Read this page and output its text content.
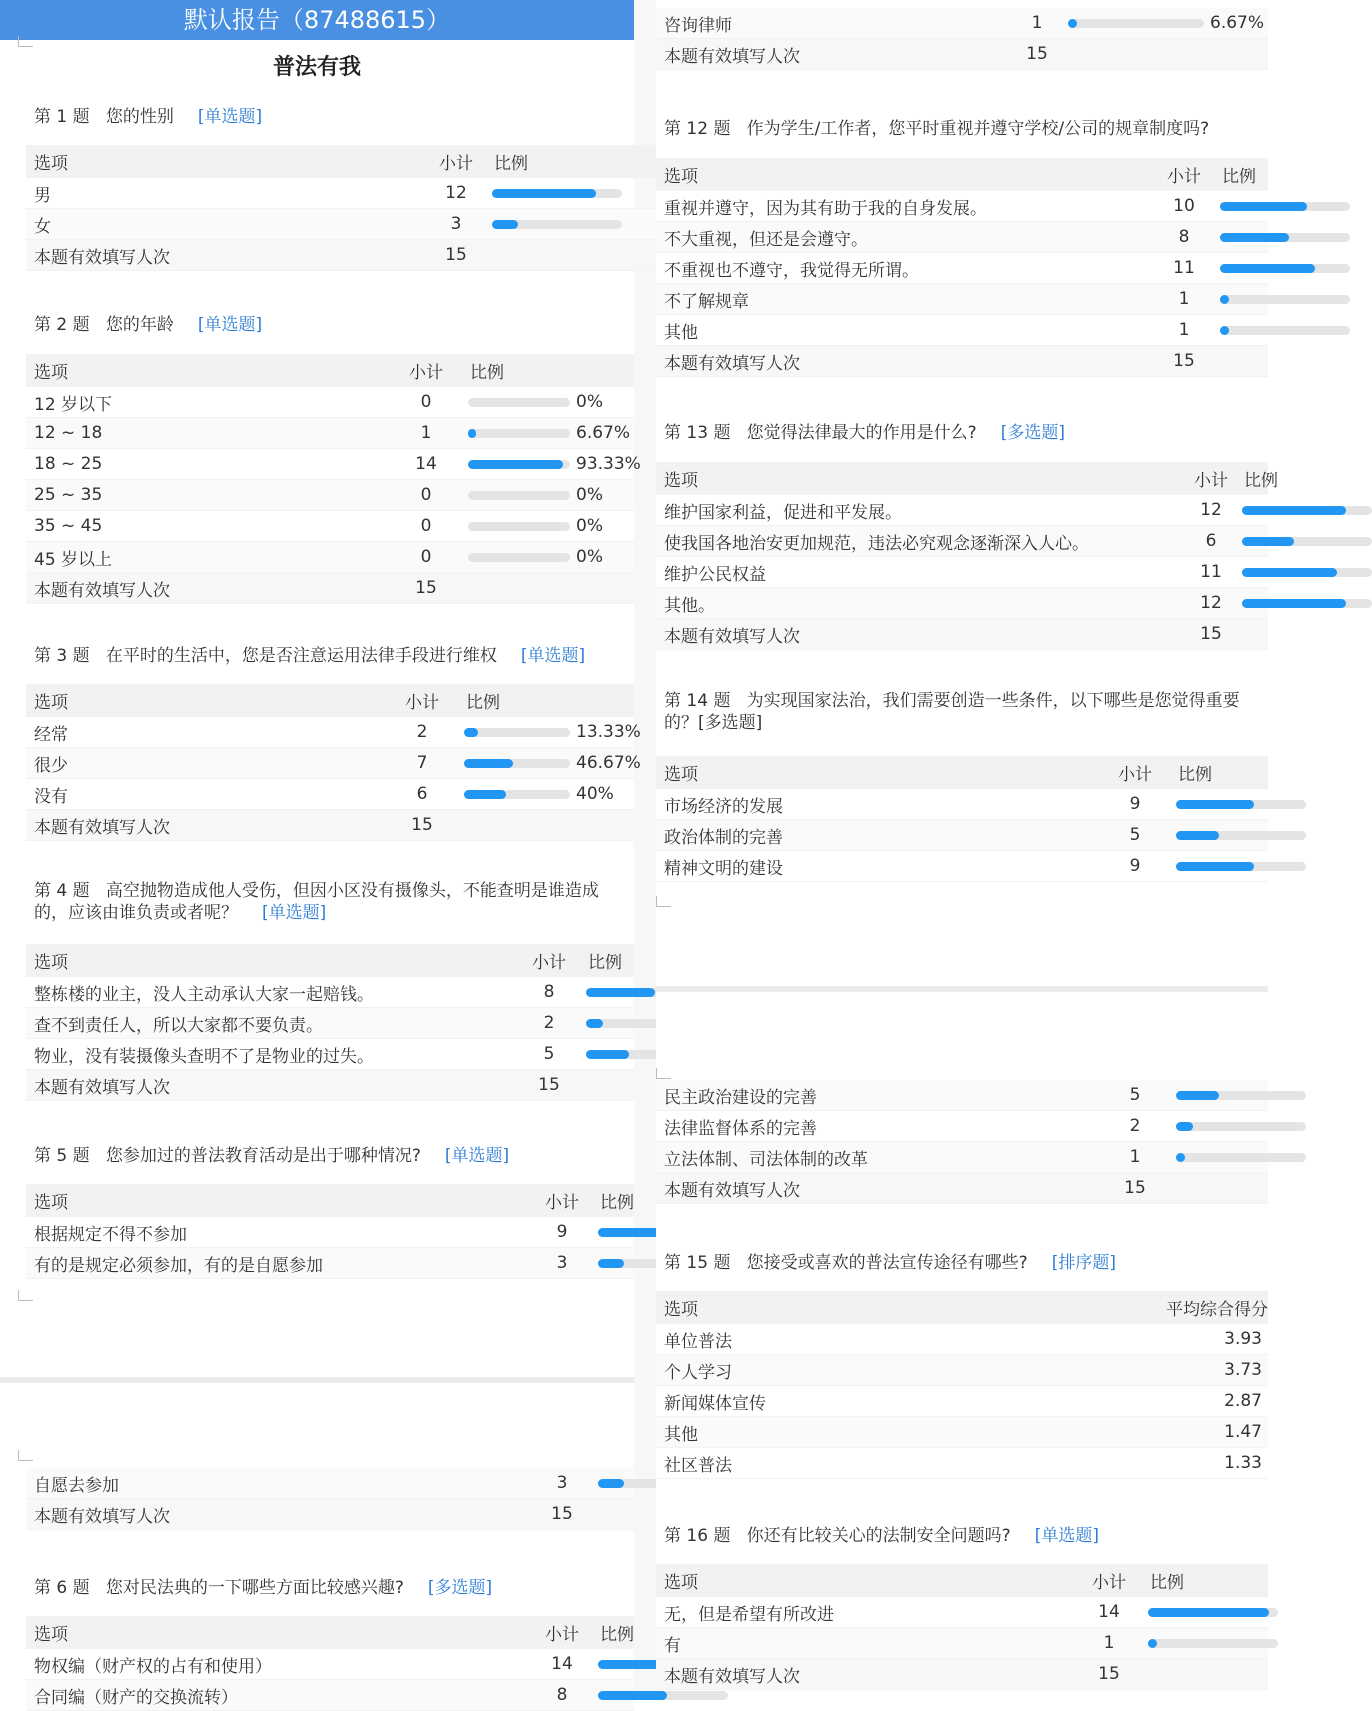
默认报告（87488615）
普法有我
第 1 题 您的性别 [单选题]
选项	小计	比例
男	12	

女	3	

本题有效填写人次	15	
第 2 题 您的年龄 [单选题]
选项	小计	比例
12 岁以下	0	0%
12 ~ 18	1	6.67%
18 ~ 25	14	93.33%
25 ~ 35	0	0%
35 ~ 45	0	0%
45 岁以上	0	0%
本题有效填写人次	15	
第 3 题 在平时的生活中，您是否注意运用法律手段进行维权 [单选题]
选项	小计	比例
经常	2	13.33%
很少	7	46.67%
没有	6	40%
本题有效填写人次	15	
第 4 题 高空抛物造成他人受伤，但因小区没有摄像头，不能查明是谁造成的，应该由谁负责或者呢？ [单选题]
选项	小计	比例
整栋楼的业主，没人主动承认大家一起赔钱。	8	

查不到责任人，所以大家都不要负责。	2	

物业，没有装摄像头查明不了是物业的过失。	5	

本题有效填写人次	15	
第 5 题 您参加过的普法教育活动是出于哪种情况? [单选题]
选项	小计	比例
根据规定不得不参加	9	

有的是规定必须参加，有的是自愿参加	3	
自愿去参加	3	

本题有效填写人次	15	
第 6 题 您对民法典的一下哪些方面比较感兴趣? [多选题]
选项	小计	比例
物权编（财产权的占有和使用）	14	

合同编（财产的交换流转）	8	
咨询律师	1	6.67%
本题有效填写人次	15	
第 12 题 作为学生/工作者，您平时重视并遵守学校/公司的规章制度吗?
选项	小计	比例
重视并遵守，因为其有助于我的自身发展。	10	

不大重视，但还是会遵守。	8	

不重视也不遵守，我觉得无所谓。	11	

不了解规章	1	

其他	1	

本题有效填写人次	15	
第 13 题 您觉得法律最大的作用是什么? [多选题]
选项	小计	比例
维护国家利益，促进和平发展。	12	

使我国各地治安更加规范，违法必究观念逐渐深入人心。	6	

维护公民权益	11	

其他。	12	

本题有效填写人次	15	
第 14 题 为实现国家法治，我们需要创造一些条件，以下哪些是您觉得重要的？[多选题]
选项	小计	比例
市场经济的发展	9	

政治体制的完善	5	

精神文明的建设	9	
民主政治建设的完善	5	

法律监督体系的完善	2	

立法体制、司法体制的改革	1	

本题有效填写人次	15	
第 15 题 您接受或喜欢的普法宣传途径有哪些? [排序题]
选项	平均综合得分
单位普法	3.93
个人学习	3.73
新闻媒体宣传	2.87
其他	1.47
社区普法	1.33
第 16 题 你还有比较关心的法制安全问题吗? [单选题]
选项	小计	比例
无，但是希望有所改进	14	

有	1	

本题有效填写人次	15	
